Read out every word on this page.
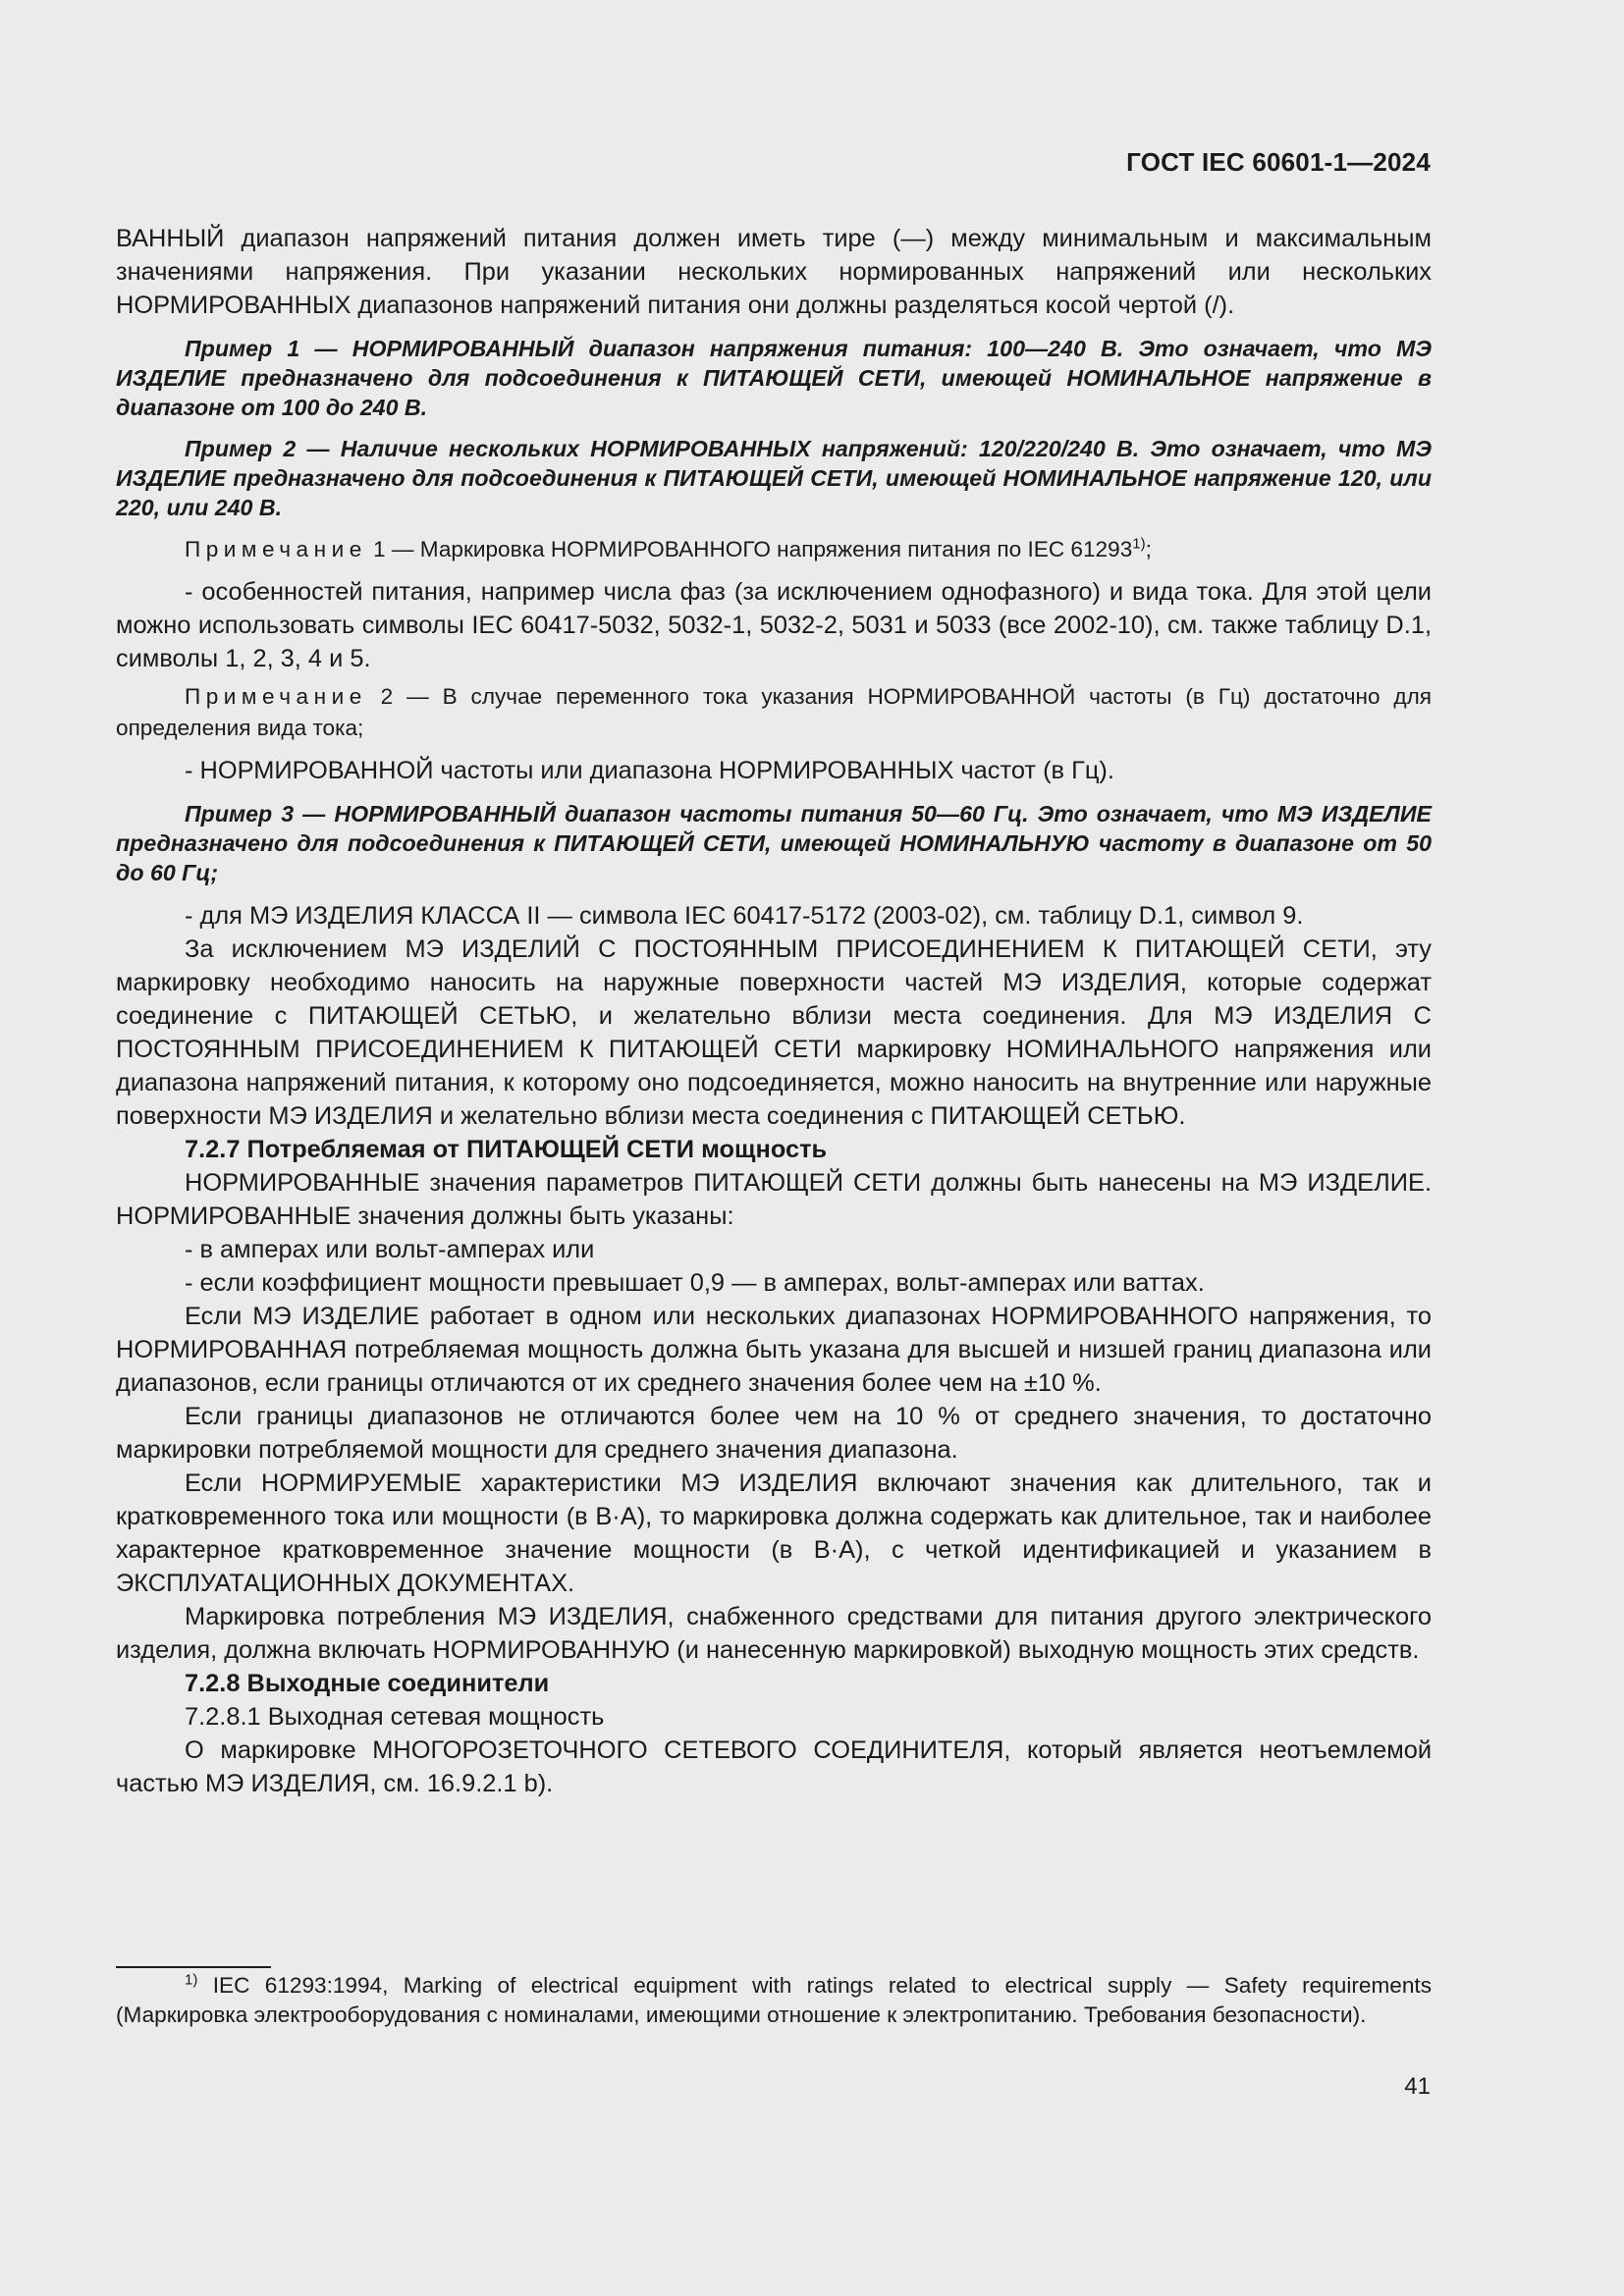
ГОСТ IEC 60601-1—2024

ВАННЫЙ диапазон напряжений питания должен иметь тире (—) между минимальным и максимальным значениями напряжения. При указании нескольких нормированных напряжений или нескольких НОРМИРОВАННЫХ диапазонов напряжений питания они должны разделяться косой чертой (/).

Пример 1 — НОРМИРОВАННЫЙ диапазон напряжения питания: 100—240 В. Это означает, что МЭ ИЗДЕЛИЕ предназначено для подсоединения к ПИТАЮЩЕЙ СЕТИ, имеющей НОМИНАЛЬНОЕ напряжение в диапазоне от 100 до 240 В.

Пример 2 — Наличие нескольких НОРМИРОВАННЫХ напряжений: 120/220/240 В. Это означает, что МЭ ИЗДЕЛИЕ предназначено для подсоединения к ПИТАЮЩЕЙ СЕТИ, имеющей НОМИНАЛЬНОЕ напряжение 120, или 220, или 240 В.

Примечание 1 — Маркировка НОРМИРОВАННОГО напряжения питания по IEC 61293$^{1)}$;

- особенностей питания, например числа фаз (за исключением однофазного) и вида тока. Для этой цели можно использовать символы IEC 60417-5032, 5032-1, 5032-2, 5031 и 5033 (все 2002-10), см. также таблицу D.1, символы 1, 2, 3, 4 и 5.

Примечание 2 — В случае переменного тока указания НОРМИРОВАННОЙ частоты (в Гц) достаточно для определения вида тока;

- НОРМИРОВАННОЙ частоты или диапазона НОРМИРОВАННЫХ частот (в Гц).

Пример 3 — НОРМИРОВАННЫЙ диапазон частоты питания 50—60 Гц. Это означает, что МЭ ИЗДЕЛИЕ предназначено для подсоединения к ПИТАЮЩЕЙ СЕТИ, имеющей НОМИНАЛЬНУЮ частоту в диапазоне от 50 до 60 Гц;

- для МЭ ИЗДЕЛИЯ КЛАССА II — символа IEC 60417-5172 (2003-02), см. таблицу D.1, символ 9.

За исключением МЭ ИЗДЕЛИЙ С ПОСТОЯННЫМ ПРИСОЕДИНЕНИЕМ К ПИТАЮЩЕЙ СЕТИ, эту маркировку необходимо наносить на наружные поверхности частей МЭ ИЗДЕЛИЯ, которые содержат соединение с ПИТАЮЩЕЙ СЕТЬЮ, и желательно вблизи места соединения. Для МЭ ИЗДЕЛИЯ С ПОСТОЯННЫМ ПРИСОЕДИНЕНИЕМ К ПИТАЮЩЕЙ СЕТИ маркировку НОМИНАЛЬНОГО напряжения или диапазона напряжений питания, к которому оно подсоединяется, можно наносить на внутренние или наружные поверхности МЭ ИЗДЕЛИЯ и желательно вблизи места соединения с ПИТАЮЩЕЙ СЕТЬЮ.

7.2.7 Потребляемая от ПИТАЮЩЕЙ СЕТИ мощность

НОРМИРОВАННЫЕ значения параметров ПИТАЮЩЕЙ СЕТИ должны быть нанесены на МЭ ИЗДЕЛИЕ. НОРМИРОВАННЫЕ значения должны быть указаны:

- в амперах или вольт-амперах или

- если коэффициент мощности превышает 0,9 — в амперах, вольт-амперах или ваттах.

Если МЭ ИЗДЕЛИЕ работает в одном или нескольких диапазонах НОРМИРОВАННОГО напряжения, то НОРМИРОВАННАЯ потребляемая мощность должна быть указана для высшей и низшей границ диапазона или диапазонов, если границы отличаются от их среднего значения более чем на ±10 %.

Если границы диапазонов не отличаются более чем на 10 % от среднего значения, то достаточно маркировки потребляемой мощности для среднего значения диапазона.

Если НОРМИРУЕМЫЕ характеристики МЭ ИЗДЕЛИЯ включают значения как длительного, так и кратковременного тока или мощности (в В·А), то маркировка должна содержать как длительное, так и наиболее характерное кратковременное значение мощности (в В·А), с четкой идентификацией и указанием в ЭКСПЛУАТАЦИОННЫХ ДОКУМЕНТАХ.

Маркировка потребления МЭ ИЗДЕЛИЯ, снабженного средствами для питания другого электрического изделия, должна включать НОРМИРОВАННУЮ (и нанесенную маркировкой) выходную мощность этих средств.

7.2.8 Выходные соединители

7.2.8.1 Выходная сетевая мощность

О маркировке МНОГОРОЗЕТОЧНОГО СЕТЕВОГО СОЕДИНИТЕЛЯ, который является неотъемлемой частью МЭ ИЗДЕЛИЯ, см. 16.9.2.1 b).

$^{1)}$ IEC 61293:1994, Marking of electrical equipment with ratings related to electrical supply — Safety requirements (Маркировка электрооборудования с номиналами, имеющими отношение к электропитанию. Требования безопасности).

41
